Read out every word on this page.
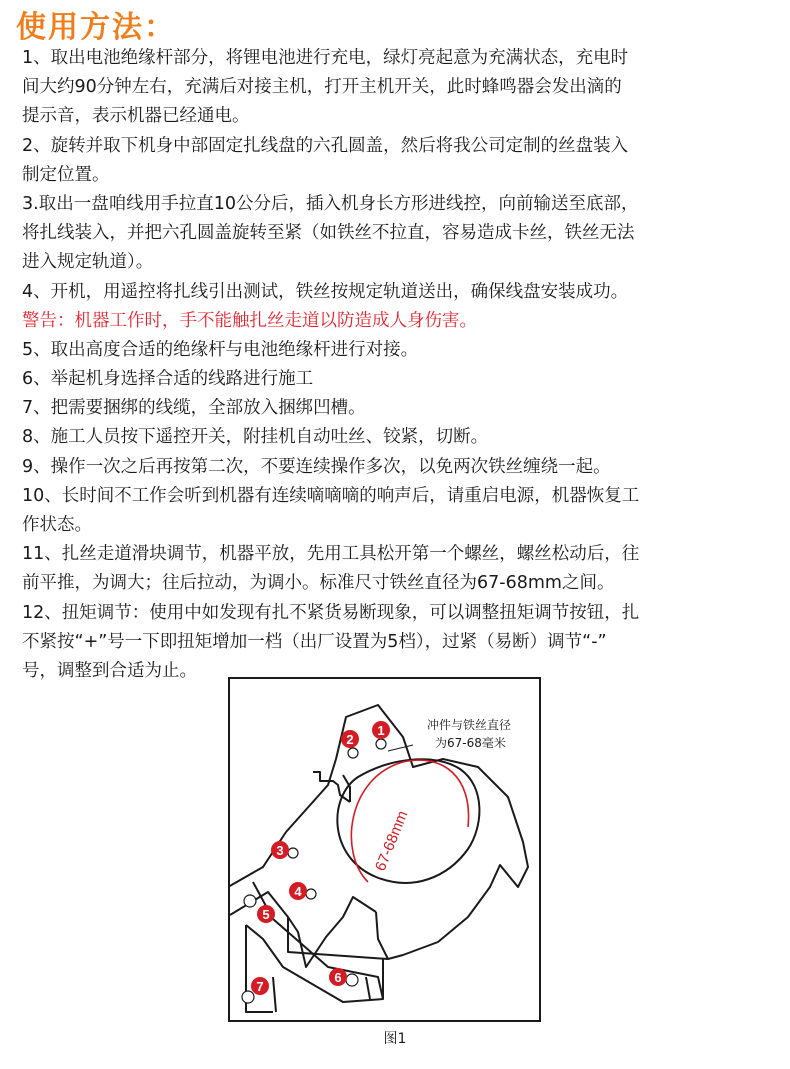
使用方法：
1、取出电池绝缘杆部分，将锂电池进行充电，绿灯亮起意为充满状态，充电时
间大约90分钟左右，充满后对接主机，打开主机开关，此时蜂鸣器会发出滴的
提示音，表示机器已经通电。
2、旋转并取下机身中部固定扎线盘的六孔圆盖，然后将我公司定制的丝盘装入
制定位置。
3.取出一盘咱线用手拉直10公分后，插入机身长方形进线控，向前输送至底部，
将扎线装入，并把六孔圆盖旋转至紧（如铁丝不拉直，容易造成卡丝，铁丝无法
进入规定轨道）。
4、开机，用遥控将扎线引出测试，铁丝按规定轨道送出，确保线盘安装成功。
警告：机器工作时，手不能触扎丝走道以防造成人身伤害。
5、取出高度合适的绝缘杆与电池绝缘杆进行对接。
6、举起机身选择合适的线路进行施工
7、把需要捆绑的线缆，全部放入捆绑凹槽。
8、施工人员按下遥控开关，附挂机自动吐丝、铰紧，切断。
9、操作一次之后再按第二次，不要连续操作多次，以免两次铁丝缠绕一起。
10、长时间不工作会听到机器有连续嘀嘀嘀的响声后，请重启电源，机器恢复工
作状态。
11、扎丝走道滑块调节，机器平放，先用工具松开第一个螺丝，螺丝松动后，往
前平推，为调大；往后拉动，为调小。标准尺寸铁丝直径为67-68mm之间。
12、扭矩调节：使用中如发现有扎不紧货易断现象，可以调整扭矩调节按钮，扎
不紧按“+”号一下即扭矩增加一档（出厂设置为5档），过紧（易断）调节“-”
号，调整到合适为止。
67-68mm
冲件与铁丝直径
为67-68毫米
1
2
3
4
5
6
7
图1
